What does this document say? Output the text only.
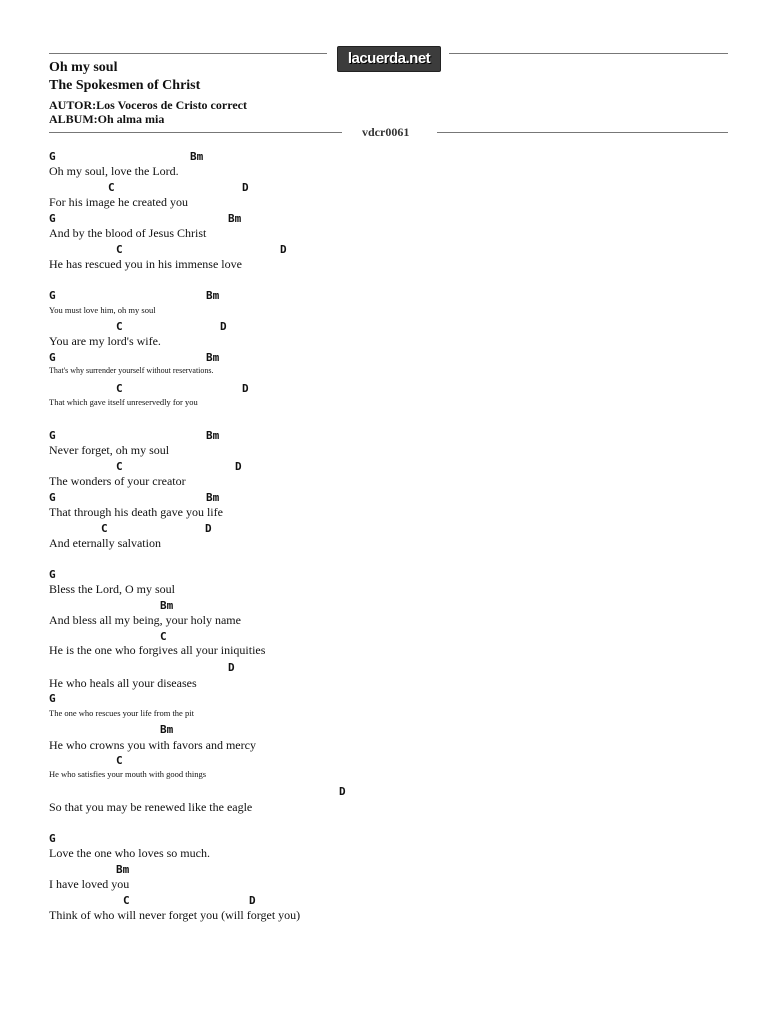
lacuerda.net
Oh my soul
The Spokesmen of Christ
AUTOR:Los Voceros de Cristo correct
ALBUM:Oh alma mia
vdcr0061
G	Bm
Oh my soul, love the Lord.
C	D
For his image he created you
G	Bm
And by the blood of Jesus Christ
C	D
He has rescued you in his immense love
G	Bm
You must love him, oh my soul
C	D
You are my lord's wife.
G	Bm
That's why surrender yourself without reservations.
C	D
That which gave itself unreservedly for you
G	Bm
Never forget, oh my soul
C	D
The wonders of your creator
G	Bm
That through his death gave you life
C	D
And eternally salvation
G
Bless the Lord, O my soul
Bm
And bless all my being, your holy name
C
He is the one who forgives all your iniquities
D
He who heals all your diseases
G
The one who rescues your life from the pit
Bm
He who crowns you with favors and mercy
C
He who satisfies your mouth with good things
D
So that you may be renewed like the eagle
G
Love the one who loves so much.
Bm
I have loved you
C	D
Think of who will never forget you (will forget you)
